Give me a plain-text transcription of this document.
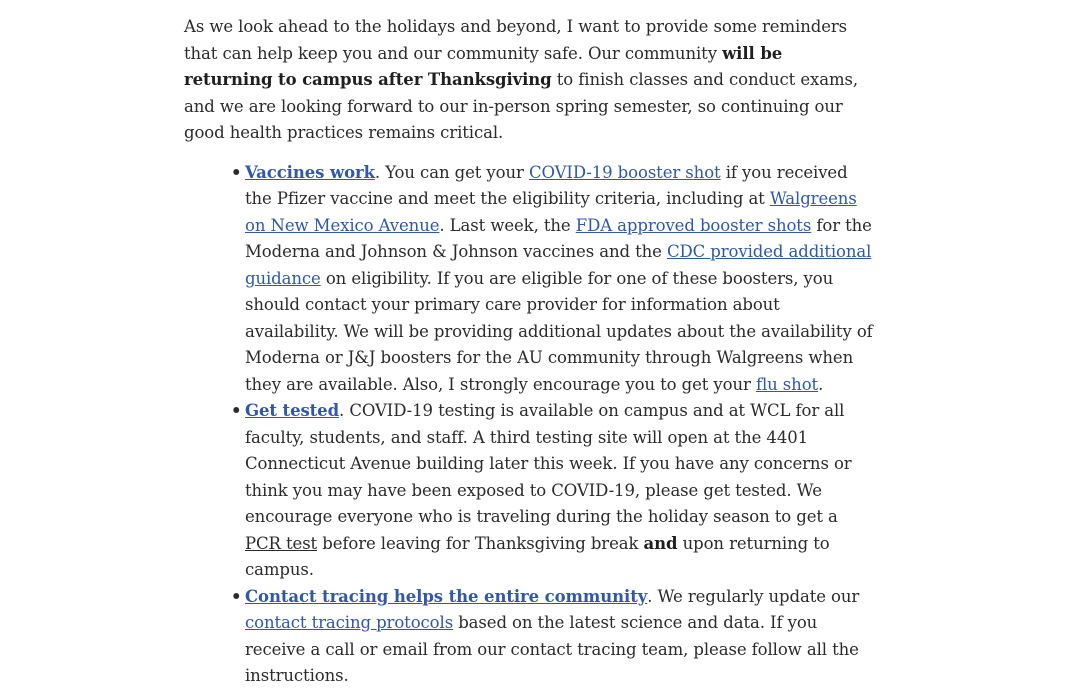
As we look ahead to the holidays and beyond, I want to provide some reminders that can help keep you and our community safe. Our community will be returning to campus after Thanksgiving to finish classes and conduct exams, and we are looking forward to our in-person spring semester, so continuing our good health practices remains critical.

• Vaccines work. You can get your COVID-19 booster shot if you received the Pfizer vaccine and meet the eligibility criteria, including at Walgreens on New Mexico Avenue. Last week, the FDA approved booster shots for the Moderna and Johnson & Johnson vaccines and the CDC provided additional guidance on eligibility. If you are eligible for one of these boosters, you should contact your primary care provider for information about availability. We will be providing additional updates about the availability of Moderna or J&J boosters for the AU community through Walgreens when they are available. Also, I strongly encourage you to get your flu shot.
• Get tested. COVID-19 testing is available on campus and at WCL for all faculty, students, and staff. A third testing site will open at the 4401 Connecticut Avenue building later this week. If you have any concerns or think you may have been exposed to COVID-19, please get tested. We encourage everyone who is traveling during the holiday season to get a PCR test before leaving for Thanksgiving break and upon returning to campus.
• Contact tracing helps the entire community. We regularly update our contact tracing protocols based on the latest science and data. If you receive a call or email from our contact tracing team, please follow all the instructions.
